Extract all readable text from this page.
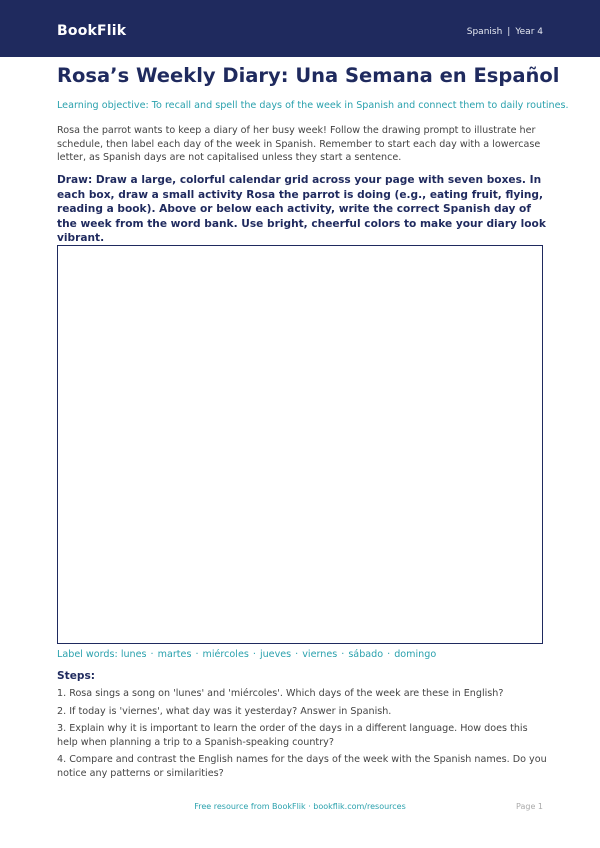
BookFlik	Spanish | Year 4
Rosa’s Weekly Diary: Una Semana en Español

Learning objective: To recall and spell the days of the week in Spanish and connect them to daily routines.

Rosa the parrot wants to keep a diary of her busy week! Follow the drawing prompt to illustrate her schedule, then label each day of the week in Spanish. Remember to start each day with a lowercase letter, as Spanish days are not capitalised unless they start a sentence.

Draw: Draw a large, colorful calendar grid across your page with seven boxes. In each box, draw a small activity Rosa the parrot is doing (e.g., eating fruit, flying, reading a book). Above or below each activity, write the correct Spanish day of the week from the word bank. Use bright, cheerful colors to make your diary look vibrant.

Label words: lunes · martes · miércoles · jueves · viernes · sábado · domingo
Steps:
1. Rosa sings a song on 'lunes' and 'miércoles'. Which days of the week are these in English?
2. If today is 'viernes', what day was it yesterday? Answer in Spanish.
3. Explain why it is important to learn the order of the days in a different language. How does this help when planning a trip to a Spanish-speaking country?
4. Compare and contrast the English names for the days of the week with the Spanish names. Do you notice any patterns or similarities?
Free resource from BookFlik · bookflik.com/resources	Page 1
